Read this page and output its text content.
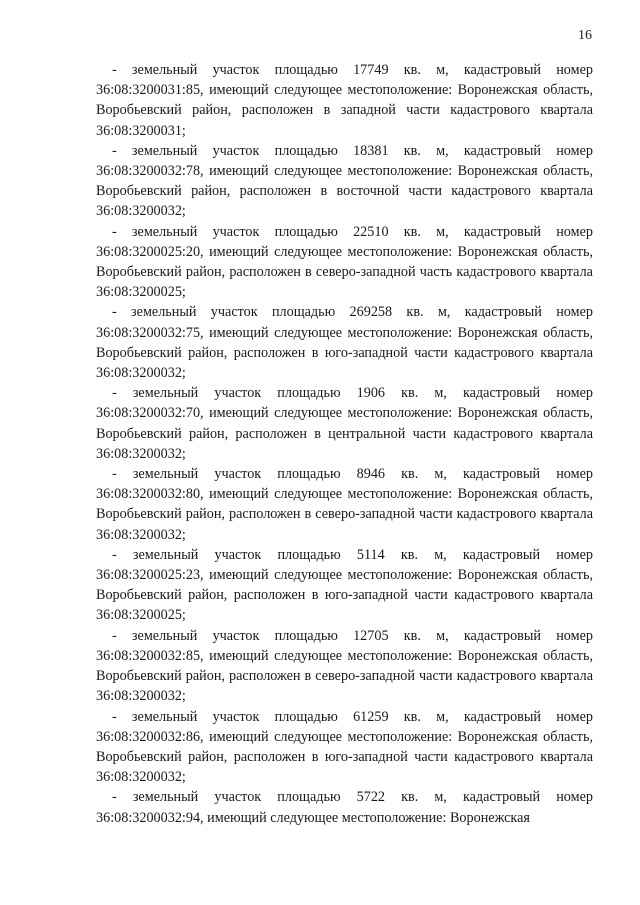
16

- земельный участок площадью 17749 кв. м, кадастровый номер 36:08:3200031:85, имеющий следующее местоположение: Воронежская область, Воробьевский район, расположен в западной части кадастрового квартала 36:08:3200031;

- земельный участок площадью 18381 кв. м, кадастровый номер 36:08:3200032:78, имеющий следующее местоположение: Воронежская область, Воробьевский район, расположен в восточной части кадастрового квартала 36:08:3200032;

- земельный участок площадью 22510 кв. м, кадастровый номер 36:08:3200025:20, имеющий следующее местоположение: Воронежская область, Воробьевский район, расположен в северо-западной часть кадастрового квартала 36:08:3200025;

- земельный участок площадью 269258 кв. м, кадастровый номер 36:08:3200032:75, имеющий следующее местоположение: Воронежская область, Воробьевский район, расположен в юго-западной части кадастрового квартала 36:08:3200032;

- земельный участок площадью 1906 кв. м, кадастровый номер 36:08:3200032:70, имеющий следующее местоположение: Воронежская область, Воробьевский район, расположен в центральной части кадастрового квартала 36:08:3200032;

- земельный участок площадью 8946 кв. м, кадастровый номер 36:08:3200032:80, имеющий следующее местоположение: Воронежская область, Воробьевский район, расположен в северо-западной части кадастрового квартала 36:08:3200032;

- земельный участок площадью 5114 кв. м, кадастровый номер 36:08:3200025:23, имеющий следующее местоположение: Воронежская область, Воробьевский район, расположен в юго-западной части кадастрового квартала 36:08:3200025;

- земельный участок площадью 12705 кв. м, кадастровый номер 36:08:3200032:85, имеющий следующее местоположение: Воронежская область, Воробьевский район, расположен в северо-западной части кадастрового квартала 36:08:3200032;

- земельный участок площадью 61259 кв. м, кадастровый номер 36:08:3200032:86, имеющий следующее местоположение: Воронежская область, Воробьевский район, расположен в юго-западной части кадастрового квартала 36:08:3200032;

- земельный участок площадью 5722 кв. м, кадастровый номер 36:08:3200032:94, имеющий следующее местоположение: Воронежская
